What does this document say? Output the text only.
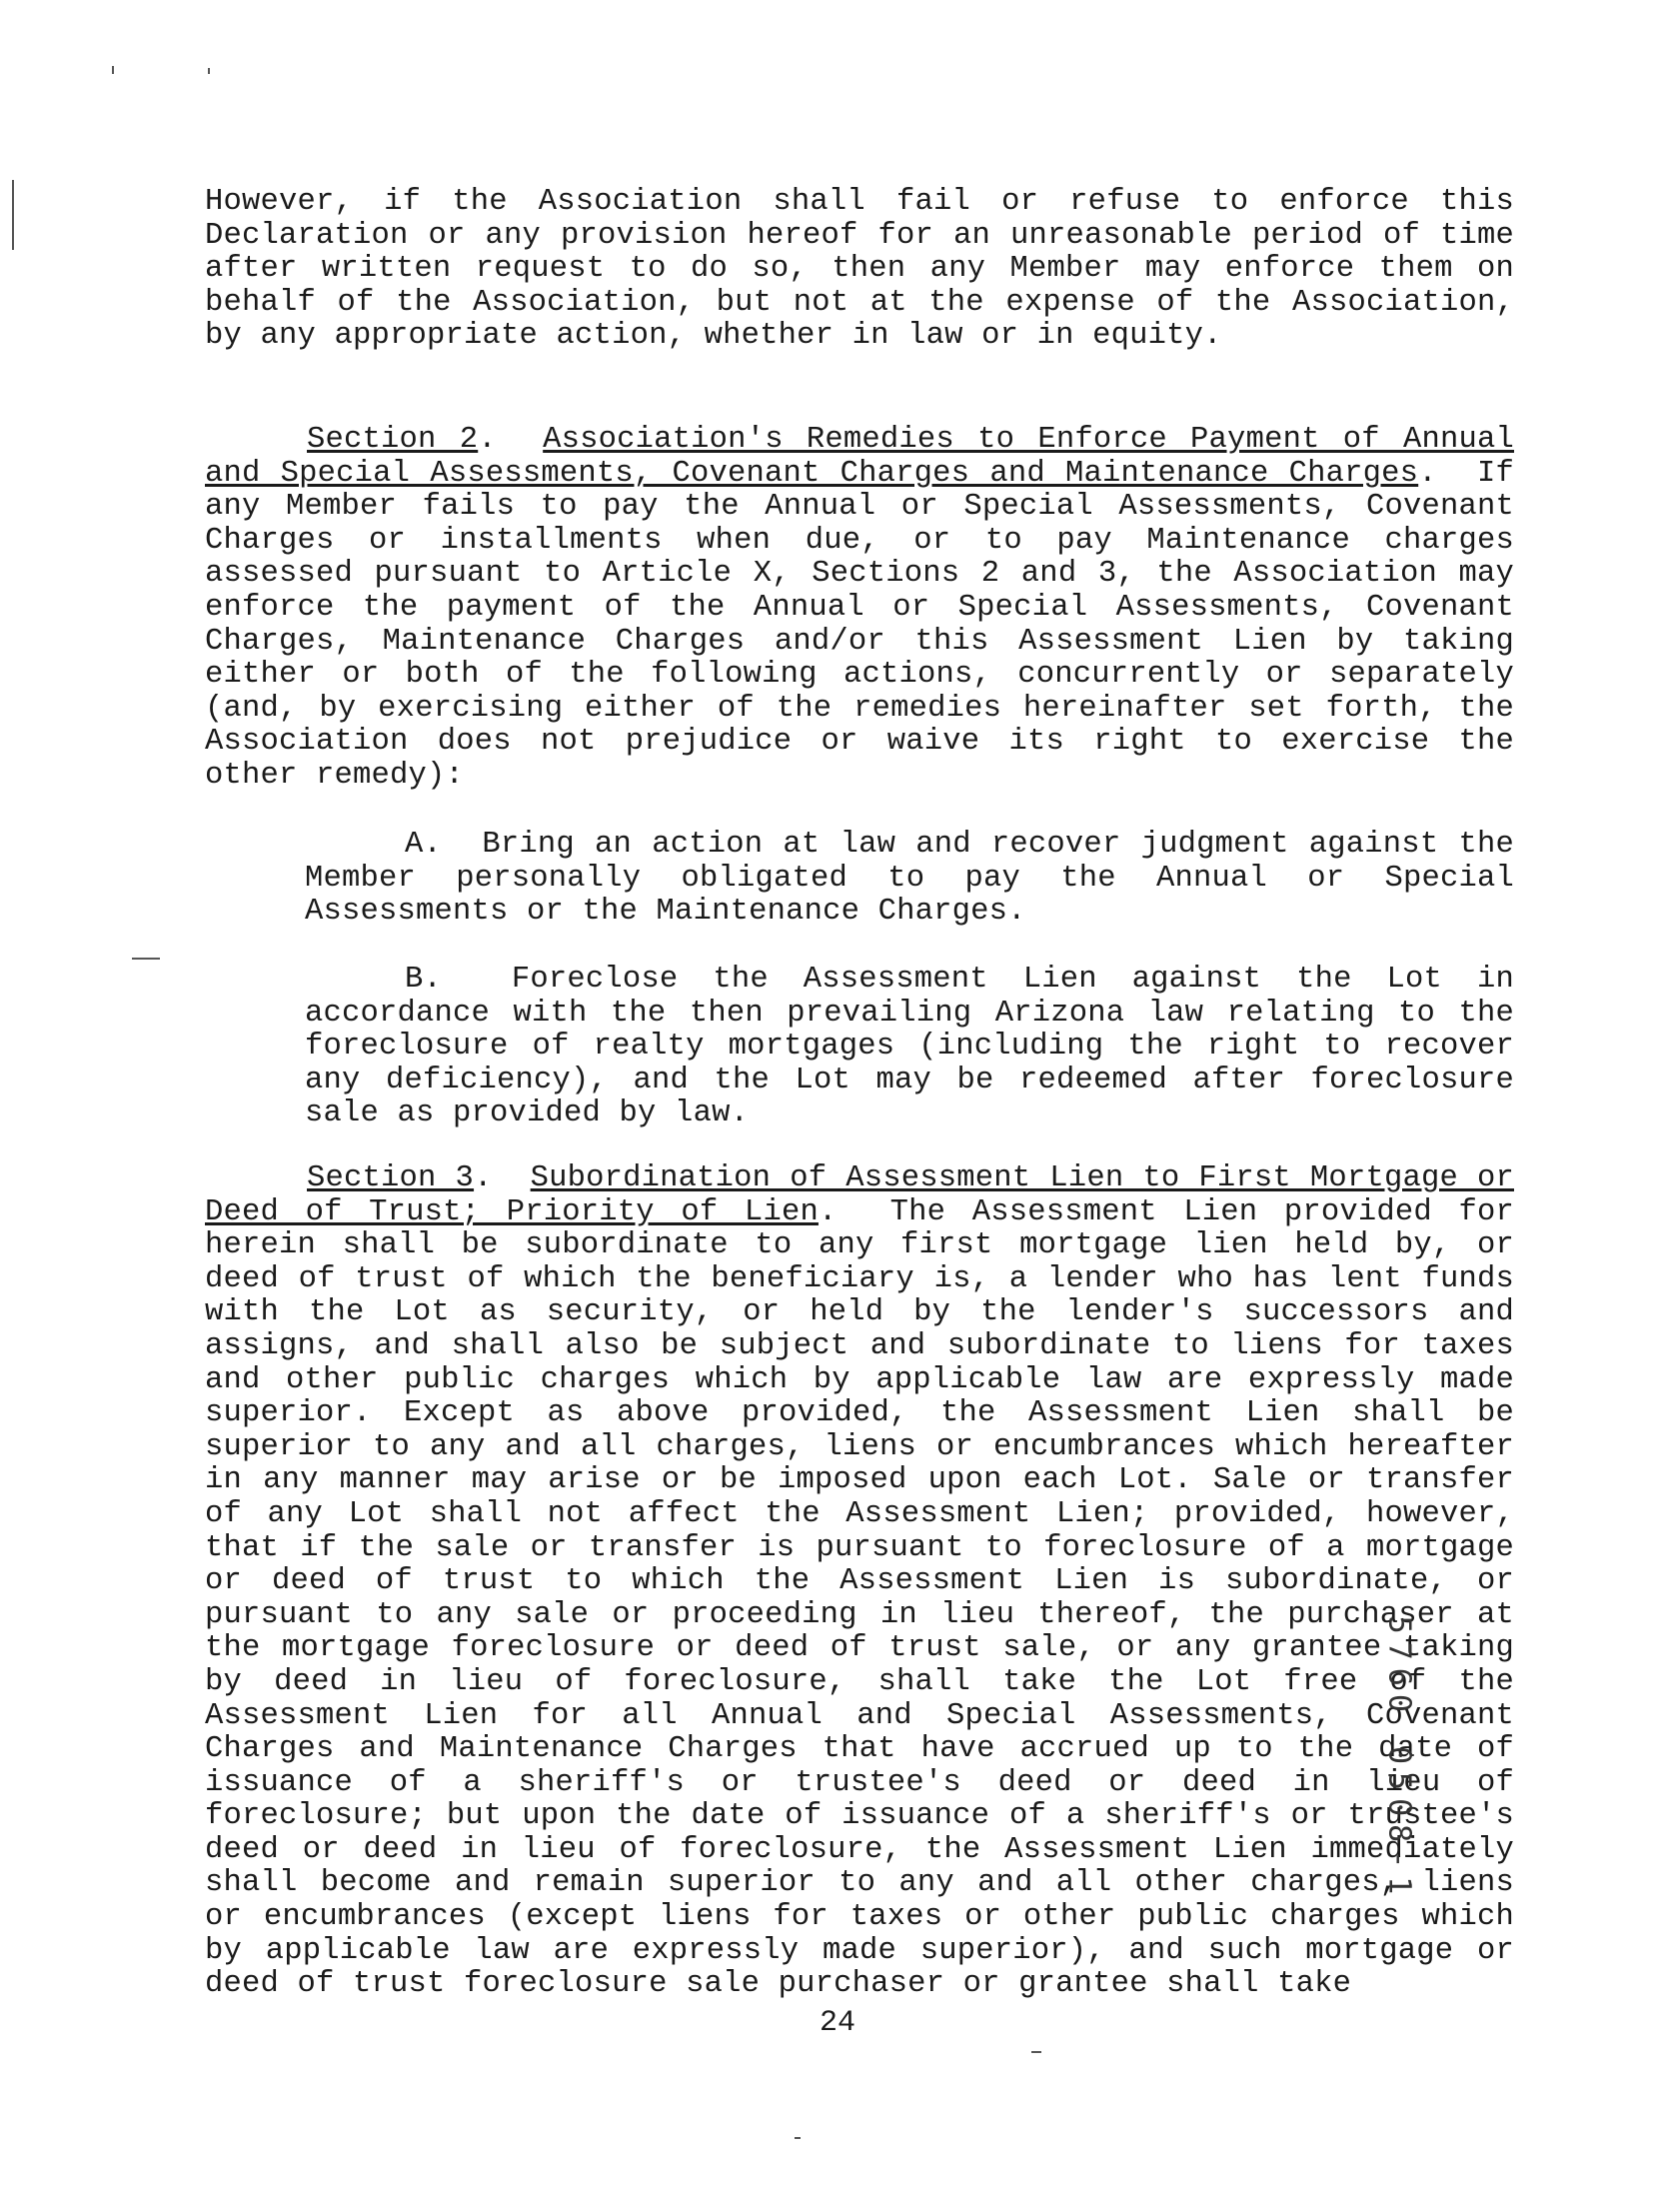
However, if the Association shall fail or refuse to enforce this Declaration or any provision hereof for an unreasonable period of time after written request to do so, then any Member may enforce them on behalf of the Association, but not at the expense of the Association, by any appropriate action, whether in law or in equity.

Section 2.  Association's Remedies to Enforce Payment of Annual and Special Assessments, Covenant Charges and Maintenance Charges.  If any Member fails to pay the Annual or Special Assessments, Covenant Charges or installments when due, or to pay Maintenance charges assessed pursuant to Article X, Sections 2 and 3, the Association may enforce the payment of the Annual or Special Assessments, Covenant Charges, Maintenance Charges and/or this Assessment Lien by taking either or both of the following actions, concurrently or separately (and, by exercising either of the remedies hereinafter set forth, the Association does not prejudice or waive its right to exercise the other remedy):

A. Bring an action at law and recover judgment against the Member personally obligated to pay the Annual or Special Assessments or the Maintenance Charges.

B. Foreclose the Assessment Lien against the Lot in accordance with the then prevailing Arizona law relating to the foreclosure of realty mortgages (including the right to recover any deficiency), and the Lot may be redeemed after foreclosure sale as provided by law.

Section 3.  Subordination of Assessment Lien to First Mortgage or Deed of Trust; Priority of Lien.  The Assessment Lien provided for herein shall be subordinate to any first mortgage lien held by, or deed of trust of which the beneficiary is, a lender who has lent funds with the Lot as security, or held by the lender's successors and assigns, and shall also be subject and subordinate to liens for taxes and other public charges which by applicable law are expressly made superior. Except as above provided, the Assessment Lien shall be superior to any and all charges, liens or encumbrances which hereafter in any manner may arise or be imposed upon each Lot. Sale or transfer of any Lot shall not affect the Assessment Lien; provided, however, that if the sale or transfer is pursuant to foreclosure of a mortgage or deed of trust to which the Assessment Lien is subordinate, or pursuant to any sale or proceeding in lieu thereof, the purchaser at the mortgage foreclosure or deed of trust sale, or any grantee taking by deed in lieu of foreclosure, shall take the Lot free of the Assessment Lien for all Annual and Special Assessments, Covenant Charges and Maintenance Charges that have accrued up to the date of issuance of a sheriff's or trustee's deed or deed in lieu of foreclosure; but upon the date of issuance of a sheriff's or trustee's deed or deed in lieu of foreclosure, the Assessment Lien immediately shall become and remain superior to any and all other charges, liens or encumbrances (except liens for taxes or other public charges which by applicable law are expressly made superior), and such mortgage or deed of trust foreclosure sale purchaser or grantee shall take

5760 0508-1
24
